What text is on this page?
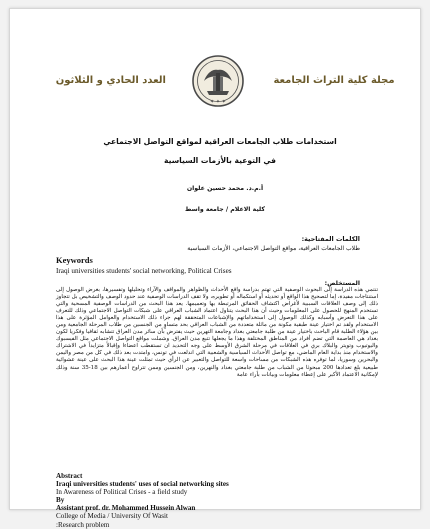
✦ ✦ ✦
العدد الحادي و الثلاثون	مجلة كلية التراث الجامعة
استخدامات طلاب الجامعات العراقية لمواقع التواصل الاجتماعي
في التوعية بالأزمات السياسية
أ.م.د. محمد حسين علوان
كلية الاعلام / جامعة واسط
الكلمات المفتاحية:
طلاب الجامعات العراقية، مواقع التواصل الاجتماعي، الأزمات السياسية
Keywords
Iraqi universities students' social networking, Political Crises
المستخلص:
تنتمي هذه الدراسة إلى البحوث الوصفية التي تهتم بدراسة واقع الأحداث والظواهر والمواقف والآراء وتحليلها وتفسيرها، بغرض الوصول إلى استنتاجات مفيدة، إما لتصحيح هذا الواقع أو تحديثه أو استكماله أو تطويره، ولا تقف الدراسات الوصفية عند حدود الوصف والتشخيص بل تتجاوز ذلك إلى وصف العلاقات السببية لأغراض اكتشاف الحقائق المرتبطة بها وتعميمها. يعد هذا البحث من الدراسات الوصفية المسحية والتي تستخدم المنهج للحصول على المعلومات وحيث أن هذا البحث يتناول اعتماد الشباب العراقي على شبكات التواصل الاجتماعي وذلك للتعرف على هذا التعرض وأسبابه وكذلك الوصول إلى استخداماتهم والإشباعات المتحققة لهم جراء ذلك الاستخدام والعوامل المؤثرة على هذا الاستخدام ولقد تم اختيار عينة طبقية مكونة من ماثلة متعددة من الشباب العراقي بحد متساوٍ من الجنسين من طلاب المرحلة الجامعية ومن بين هؤلاء الطلبة قام الباحث باختيار عينة من طلبة جامعتي بغداد وجامعة التهرين حيث يفترض بأن سائر مدن العراق تتشابه ثقافيا وفكريا لكون بغداد هي العاصمة التي تضم أفراد من المناطق المختلفة وهذا ما يجعلها تتبع مدن العراق. وشملت مواقع التواصل الاجتماعي مثل الفيسبوك واليوتيوب وتويتر والبلاك بري في العلاقات في مرحلة الشرق الأوسط على وجه التحديد ان تستقطب اعضاءا وإقبالاً متزايداً في الاشتراك والاستخدام منذ بداية العام الماضي، مع تواصل الأحداث السياسية والشعبية التي اندلعت في تونس، وامتدت بعد ذلك في كل من مصر واليمن والبحرين وسوريا، لما توفره هذه الشبكات من مساحات واسعة للتواصل والتعبير عن الرأي حيث تمثلت عينة هذا البحث على عينة عشوائية طبيعية بلغ تعدادها 200 مبحوثا من الشباب من طلبة جامعتي بغداد والنهرين، ومن الجنسين وممن تتراوح أعمارهم بين 18-35 سنة وذلك لإمكانية الاعتماد الأكبر على إعطاء معلومات وبيانات بأراء عامة
Abstract
Iraqi universities students' uses of social networking sites
In Awareness of Political Crises - a field study
By
Assistant prof. dr. Mohammed Hussein Alwan
College of Media / University Of Wasit
:Research problem
